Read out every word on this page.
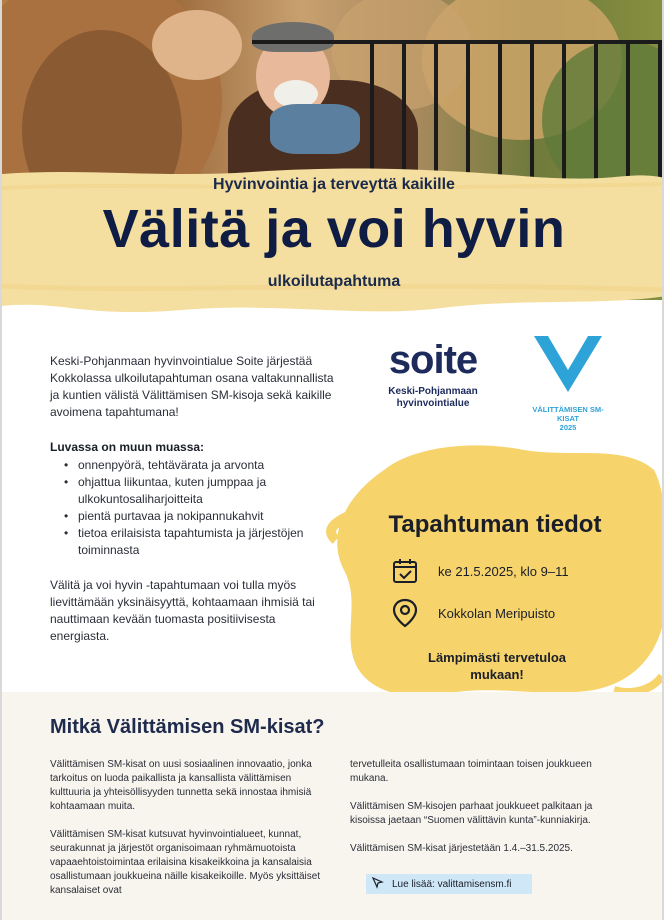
Hyvinvointia ja terveyttä kaikille
Välitä ja voi hyvin
ulkoilutapahtuma
Keski-Pohjanmaan hyvinvointialue Soite järjestää Kokkolassa ulkoilutapahtuman osana valtakunnallista ja kuntien välistä Välittämisen SM-kisoja sekä kaikille avoimena tapahtumana!
Luvassa on muun muassa:
• onnenpyörä, tehtävärata ja arvonta
• ohjattua liikuntaa, kuten jumppaa ja ulkokuntosaliharjoitteita
• pientä purtavaa ja nokipannukahvit
• tietoa erilaisista tapahtumista ja järjestöjen toiminnasta
Välitä ja voi hyvin -tapahtumaan voi tulla myös lievittämään yksinäisyyttä, kohtaamaan ihmisiä tai nauttimaan kevään tuomasta positiivisesta energiasta.
soite
Keski-Pohjanmaan
hyvinvointialue
VÄLITTÄMISEN SM-KISAT
2025
Tapahtuman tiedot
ke 21.5.2025, klo 9–11
Kokkolan Meripuisto
Lämpimästi tervetuloa
mukaan!
Mitkä Välittämisen SM-kisat?

Välittämisen SM-kisat on uusi sosiaalinen innovaatio, jonka tarkoitus on luoda paikallista ja kansallista välittämisen kulttuuria ja yhteisöllisyyden tunnetta sekä innostaa ihmisiä kohtaamaan muita.

Välittämisen SM-kisat kutsuvat hyvinvointialueet, kunnat, seurakunnat ja järjestöt organisoimaan ryhmämuotoista vapaaehtoistoimintaa erilaisina kisakeikkoina ja kansalaisia osallistumaan joukkueina näille kisakeikoille. Myös yksittäiset kansalaiset ovat

tervetulleita osallistumaan toimintaan toisen joukkueen mukana.

Välittämisen SM-kisojen parhaat joukkueet palkitaan ja kisoissa jaetaan “Suomen välittävin kunta”-kunniakirja.

Välittämisen SM-kisat järjestetään 1.4.–31.5.2025.

Lue lisää: valittamisensm.fi
